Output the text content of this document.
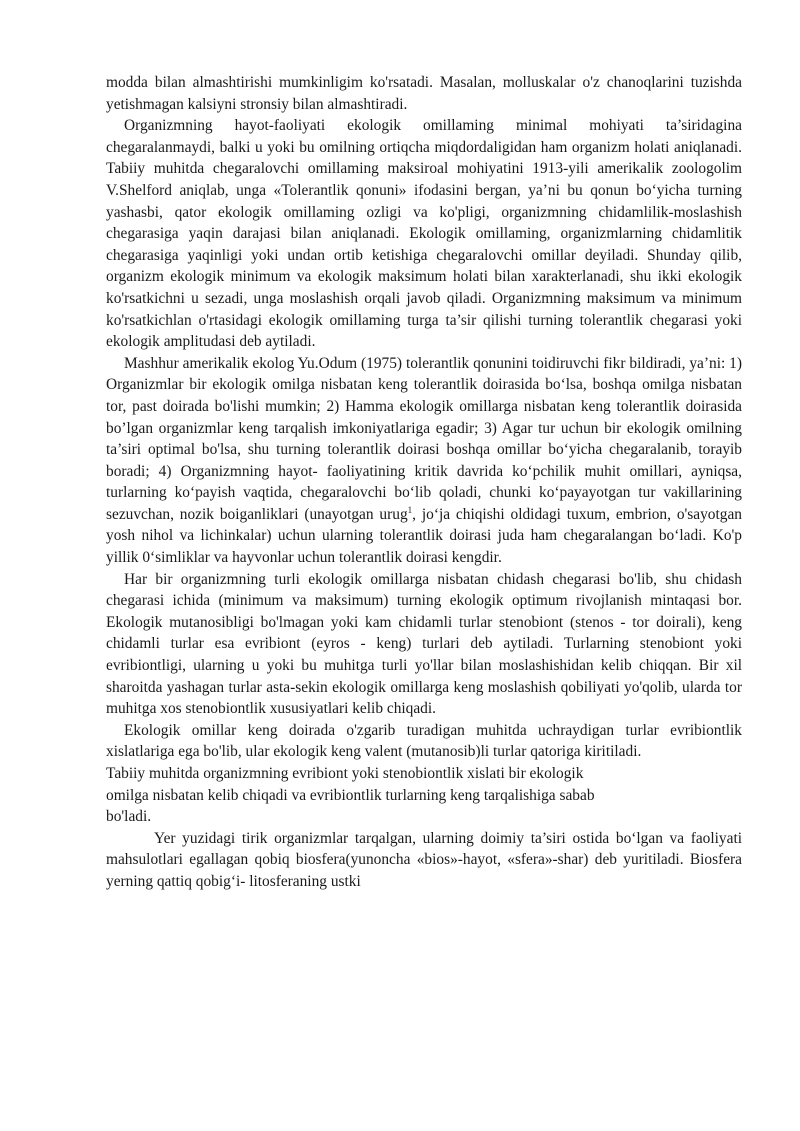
modda bilan almashtirishi mumkinligim ko'rsatadi. Masalan, molluskalar o'z chanoqlarini tuzishda yetishmagan kalsiyni stronsiy bilan almashtiradi.

Organizmning hayot-faoliyati ekologik omillaming minimal mohiyati ta’siridagina chegaralanmaydi, balki u yoki bu omilning ortiqcha miqdordaligidan ham organizm holati aniqlanadi. Tabiiy muhitda chegaralovchi omillaming maksiroal mohiyatini 1913-yili amerikalik zoologolim V.Shelford aniqlab, unga «Tolerantlik qonuni» ifodasini bergan, ya’ni bu qonun bo‘yicha turning yashasbi, qator ekologik omillaming ozligi va ko'pligi, organizmning chidamlilik-moslashish chegarasiga yaqin darajasi bilan aniqlanadi. Ekologik omillaming, organizmlarning chidamlitik chegarasiga yaqinligi yoki undan ortib ketishiga chegaralovchi omillar deyiladi. Shunday qilib, organizm ekologik minimum va ekologik maksimum holati bilan xarakterlanadi, shu ikki ekologik ko'rsatkichni u sezadi, unga moslashish orqali javob qiladi. Organizmning maksimum va minimum ko'rsatkichlan o'rtasidagi ekologik omillaming turga ta’sir qilishi turning tolerantlik chegarasi yoki ekologik amplitudasi deb aytiladi.

Mashhur amerikalik ekolog Yu.Odum (1975) tolerantlik qonunini toidiruvchi fikr bildiradi, ya’ni: 1) Organizmlar bir ekologik omilga nisbatan keng tolerantlik doirasida bo‘lsa, boshqa omilga nisbatan tor, past doirada bo'lishi mumkin; 2) Hamma ekologik omillarga nisbatan keng tolerantlik doirasida bo’lgan organizmlar keng tarqalish imkoniyatlariga egadir; 3) Agar tur uchun bir ekologik omilning ta’siri optimal bo'lsa, shu turning tolerantlik doirasi boshqa omillar bo‘yicha chegaralanib, torayib boradi; 4) Organizmning hayot- faoliyatining kritik davrida ko‘pchilik muhit omillari, ayniqsa, turlarning ko‘payish vaqtida, chegaralovchi bo‘lib qoladi, chunki ko‘payayotgan tur vakillarining sezuvchan, nozik boiganliklari (unayotgan urug$^1$, jo‘ja chiqishi oldidagi tuxum, embrion, o'sayotgan yosh nihol va lichinkalar) uchun ularning tolerantlik doirasi juda ham chegaralangan bo‘ladi. Ko'p yillik 0‘simliklar va hayvonlar uchun tolerantlik doirasi kengdir.

Har bir organizmning turli ekologik omillarga nisbatan chidash chegarasi bo'lib, shu chidash chegarasi ichida (minimum va maksimum) turning ekologik optimum rivojlanish mintaqasi bor. Ekologik mutanosibligi bo'lmagan yoki kam chidamli turlar stenobiont (stenos - tor doirali), keng chidamli turlar esa evribiont (eyros - keng) turlari deb aytiladi. Turlarning stenobiont yoki evribiontligi, ularning u yoki bu muhitga turli yo'llar bilan moslashishidan kelib chiqqan. Bir xil sharoitda yashagan turlar asta-sekin ekologik omillarga keng moslashish qobiliyati yo'qolib, ularda tor muhitga xos stenobiontlik xususiyatlari kelib chiqadi.

Ekologik omillar keng doirada o'zgarib turadigan muhitda uchraydigan turlar evribiontlik xislatlariga ega bo'lib, ular ekologik keng valent (mutanosib)li turlar qatoriga kiritiladi.

Tabiiy muhitda organizmning evribiont yoki stenobiontlik xislati bir ekologik
omilga nisbatan kelib chiqadi va evribiontlik turlarning keng tarqalishiga sabab
bo'ladi.

Yer yuzidagi tirik organizmlar tarqalgan, ularning doimiy ta’siri ostida bo‘lgan va faoliyati mahsulotlari egallagan qobiq biosfera(yunoncha «bios»-hayot, «sfera»-shar) deb yuritiladi. Biosfera yerning qattiq qobig‘i- litosferaning ustki
